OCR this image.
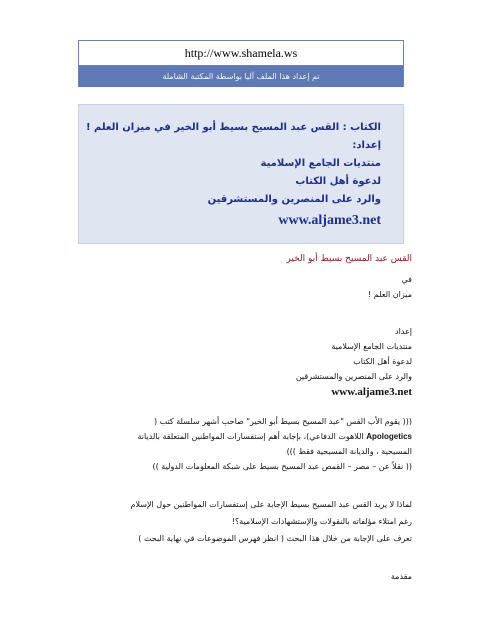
http://www.shamela.ws
تم إعداد هذا الملف آليا بواسطة المكتبة الشاملة
الكتاب : القس عبد المسيح بسيط أبو الخير في ميزان العلم !
إعداد:
منتديات الجامع الإسلامية
لدعوة أهل الكتاب
والرد على المنصرين والمستشرقين
www.aljame3.net
القس عبد المسيح بسيط أبو الخير
في
ميزان العلم !
إعداد
منتديات الجامع الإسلامية
لدعوة أهل الكتاب
والرد على المنصرين والمستشرقين
www.aljame3.net
((( يقوم الأب القس "عبد المسيح بسيط أبو الخير" صاحب أشهر سلسلة كتب (
Apologetics اللاهوت الدفاعي)، بإجابة أهم إستفسارات المواطنين المتعلقة بالديانة
المسيحية ، والديانة المسيحية فقط )))
(( نقلاً عن – مصر – القمص عبد المسيح بسيط على شبكة المعلومات الدولية ))
لماذا لا يريد القس عبد المسيح بسيط الإجابة على إستفسارات المواطنين حول الإسلام
رغم امتلاء مؤلفاته بالنقولات والإستشهادات الإسلامية؟!
تعرف على الإجابة من خلال هذا البحث ( انظر فهرس الموضوعات في نهاية البحث )
مقدمة
